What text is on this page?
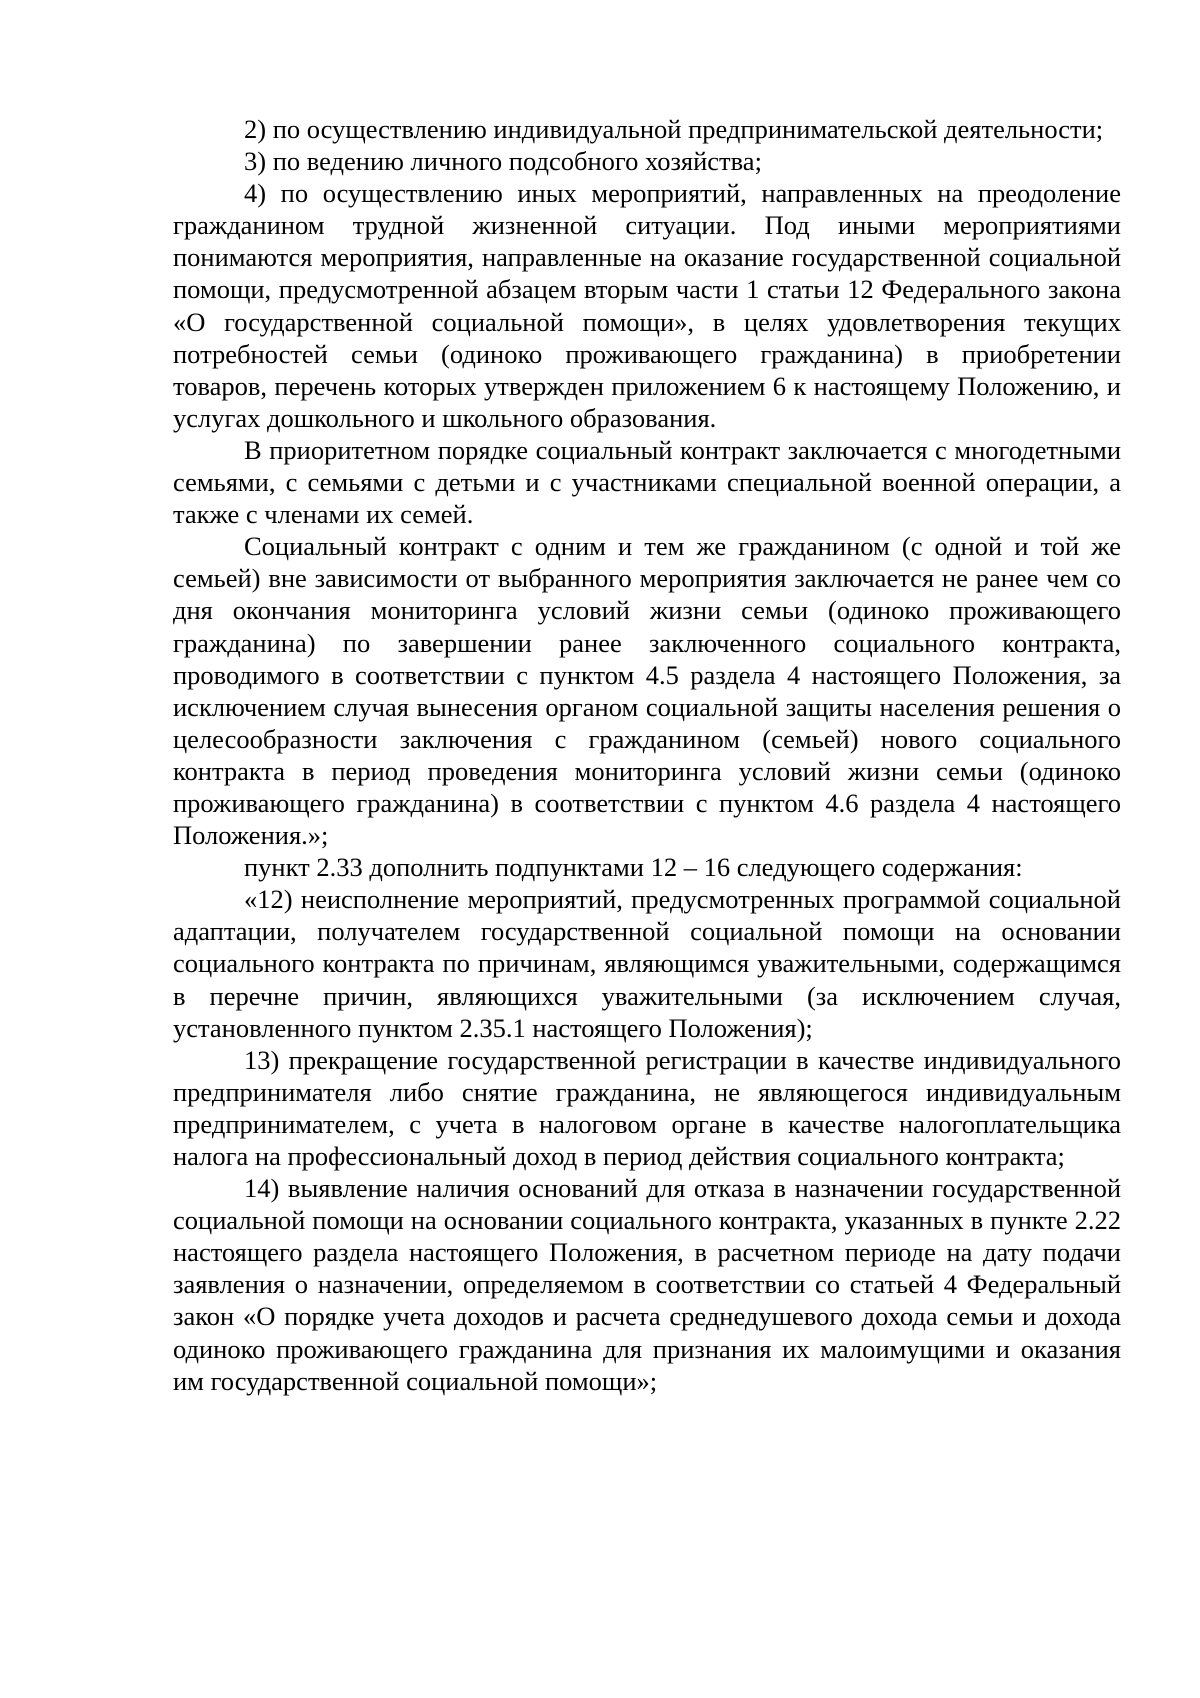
2) по осуществлению индивидуальной предпринимательской деятельности;

3) по ведению личного подсобного хозяйства;

4) по осуществлению иных мероприятий, направленных на преодоление гражданином трудной жизненной ситуации. Под иными мероприятиями понимаются мероприятия, направленные на оказание государственной социальной помощи, предусмотренной абзацем вторым части 1 статьи 12 Федерального закона «О государственной социальной помощи», в целях удовлетворения текущих потребностей семьи (одиноко проживающего гражданина) в приобретении товаров, перечень которых утвержден приложением 6 к настоящему Положению, и услугах дошкольного и школьного образования.

В приоритетном порядке социальный контракт заключается с многодетными семьями, с семьями с детьми и с участниками специальной военной операции, а также с членами их семей.

Социальный контракт с одним и тем же гражданином (с одной и той же семьей) вне зависимости от выбранного мероприятия заключается не ранее чем со дня окончания мониторинга условий жизни семьи (одиноко проживающего гражданина) по завершении ранее заключенного социального контракта, проводимого в соответствии с пунктом 4.5 раздела 4 настоящего Положения, за исключением случая вынесения органом социальной защиты населения решения о целесообразности заключения с гражданином (семьей) нового социального контракта в период проведения мониторинга условий жизни семьи (одиноко проживающего гражданина) в соответствии с пунктом 4.6 раздела 4 настоящего Положения.»;

пункт 2.33 дополнить подпунктами 12 – 16 следующего содержания:

«12) неисполнение мероприятий, предусмотренных программой социальной адаптации, получателем государственной социальной помощи на основании социального контракта по причинам, являющимся уважительными, содержащимся в перечне причин, являющихся уважительными (за исключением случая, установленного пунктом 2.35.1 настоящего Положения);

13) прекращение государственной регистрации в качестве индивидуального предпринимателя либо снятие гражданина, не являющегося индивидуальным предпринимателем, с учета в налоговом органе в качестве налогоплательщика налога на профессиональный доход в период действия социального контракта;

14) выявление наличия оснований для отказа в назначении государственной социальной помощи на основании социального контракта, указанных в пункте 2.22 настоящего раздела настоящего Положения, в расчетном периоде на дату подачи заявления о назначении, определяемом в соответствии со статьей 4 Федеральный закон «О порядке учета доходов и расчета среднедушевого дохода семьи и дохода одиноко проживающего гражданина для признания их малоимущими и оказания им государственной социальной помощи»;
